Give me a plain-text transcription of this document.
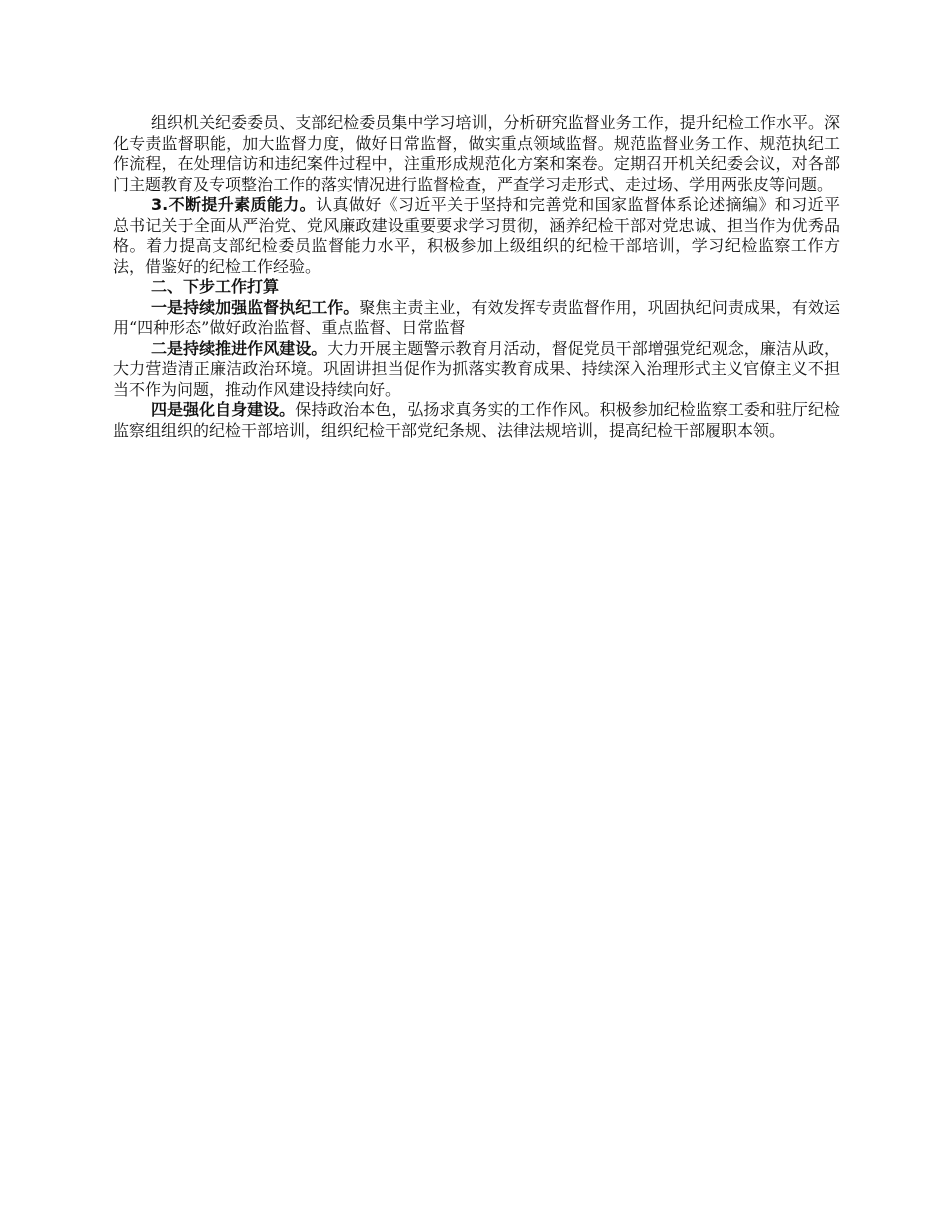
组织机关纪委委员、支部纪检委员集中学习培训，分析研究监督业务工作，提升纪检工作水平。深化专责监督职能，加大监督力度，做好日常监督，做实重点领域监督。规范监督业务工作、规范执纪工作流程，在处理信访和违纪案件过程中，注重形成规范化方案和案卷。定期召开机关纪委会议，对各部门主题教育及专项整治工作的落实情况进行监督检查，严查学习走形式、走过场、学用两张皮等问题。

3.不断提升素质能力。认真做好《习近平关于坚持和完善党和国家监督体系论述摘编》和习近平总书记关于全面从严治党、党风廉政建设重要要求学习贯彻，涵养纪检干部对党忠诚、担当作为优秀品格。着力提高支部纪检委员监督能力水平，积极参加上级组织的纪检干部培训，学习纪检监察工作方法，借鉴好的纪检工作经验。

二、下步工作打算

一是持续加强监督执纪工作。聚焦主责主业，有效发挥专责监督作用，巩固执纪问责成果，有效运用“四种形态”做好政治监督、重点监督、日常监督

二是持续推进作风建设。大力开展主题警示教育月活动，督促党员干部增强党纪观念，廉洁从政，大力营造清正廉洁政治环境。巩固讲担当促作为抓落实教育成果、持续深入治理形式主义官僚主义不担当不作为问题，推动作风建设持续向好。

四是强化自身建设。保持政治本色，弘扬求真务实的工作作风。积极参加纪检监察工委和驻厅纪检监察组组织的纪检干部培训，组织纪检干部党纪条规、法律法规培训，提高纪检干部履职本领。
